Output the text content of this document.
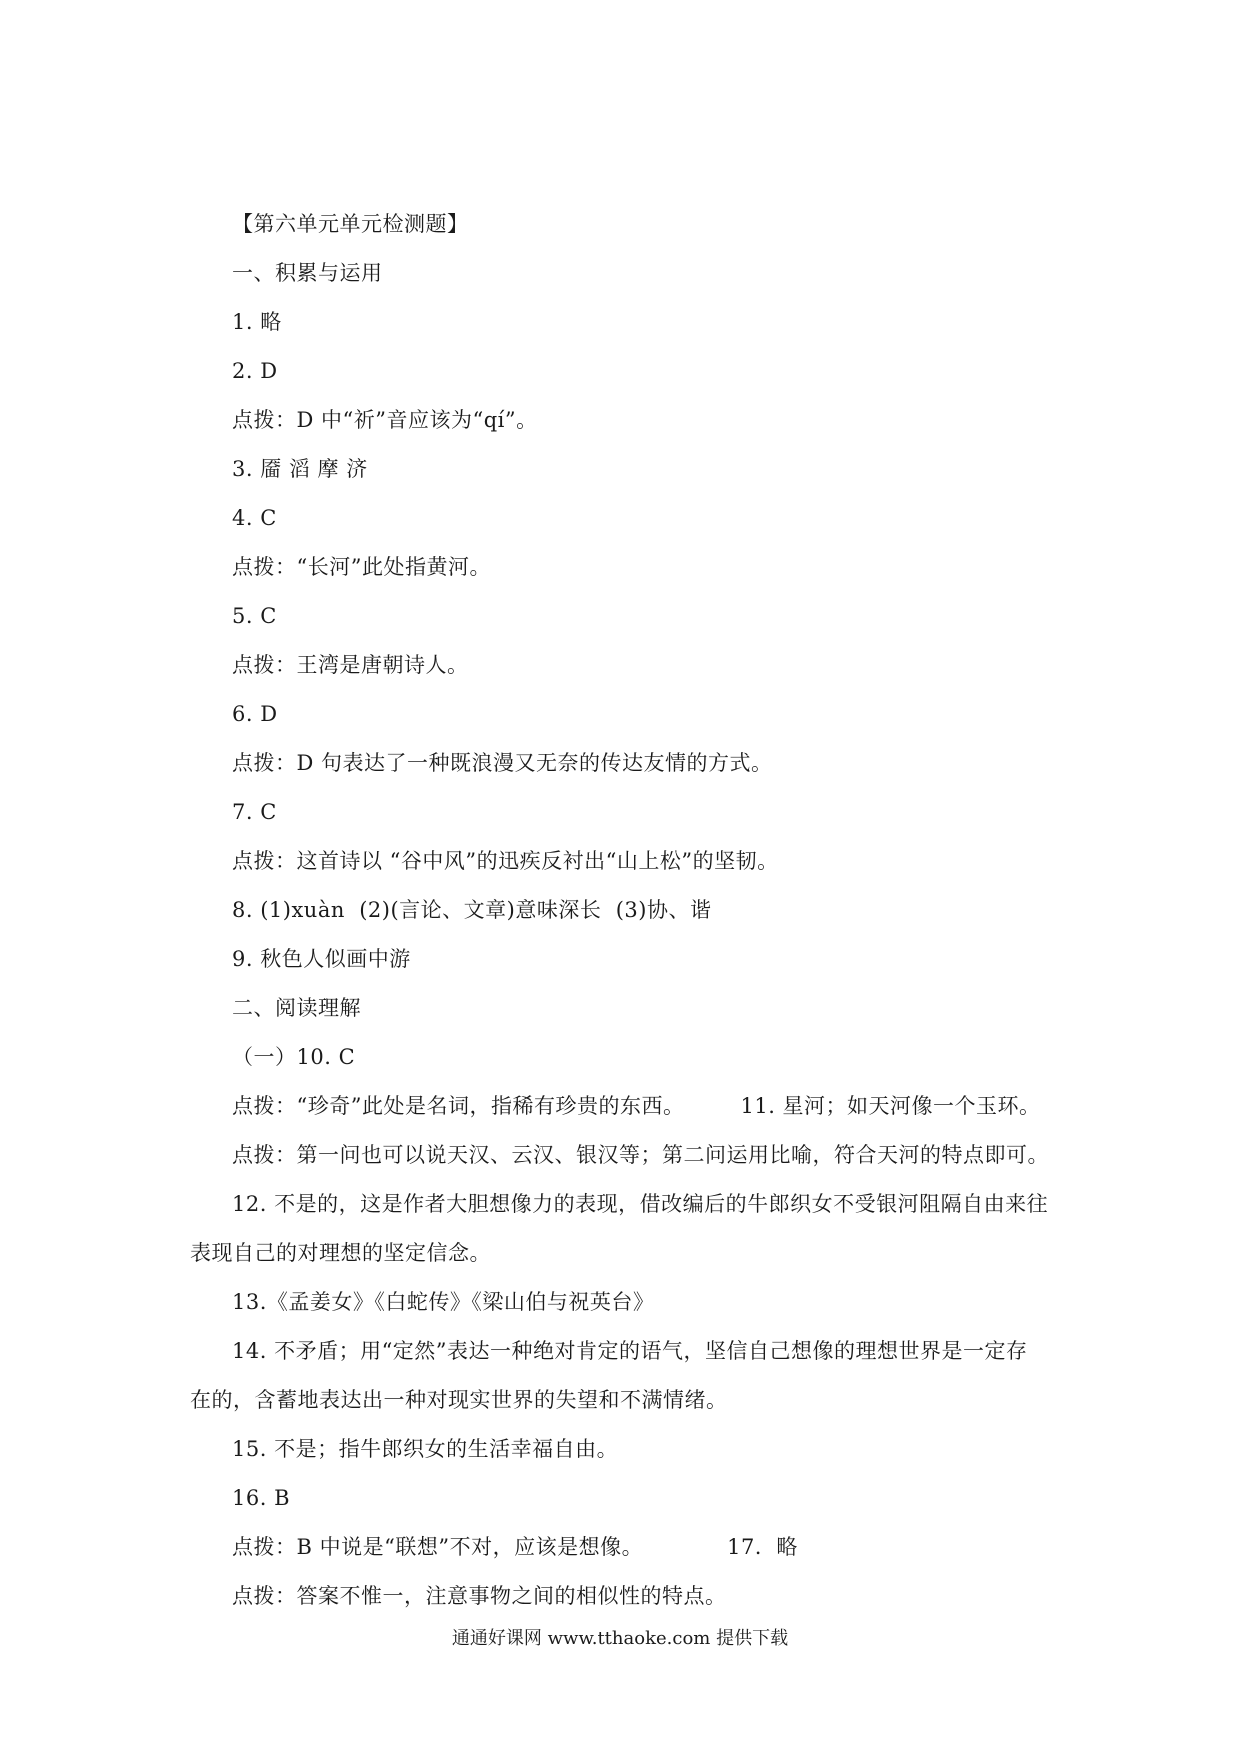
【第六单元单元检测题】
一、积累与运用
1. 略
2. D
点拨：D 中“祈”音应该为“qí”。
3. 靥 滔 摩 济
4. C
点拨：“长河”此处指黄河。
5. C
点拨：王湾是唐朝诗人。
6. D
点拨：D 句表达了一种既浪漫又无奈的传达友情的方式。
7. C
点拨：这首诗以 “谷中风”的迅疾反衬出“山上松”的坚韧。
8. (1)xuàn  (2)(言论、文章)意味深长  (3)协、谐
9. 秋色人似画中游
二、阅读理解
（一）10. C
点拨：“珍奇”此处是名词，指稀有珍贵的东西。	11. 星河；如天河像一个玉环。
点拨：第一问也可以说天汉、云汉、银汉等；第二问运用比喻，符合天河的特点即可。
12. 不是的，这是作者大胆想像力的表现，借改编后的牛郎织女不受银河阻隔自由来往
表现自己的对理想的坚定信念。
13.《孟姜女》《白蛇传》《梁山伯与祝英台》
14. 不矛盾；用“定然”表达一种绝对肯定的语气，坚信自己想像的理想世界是一定存
在的，含蓄地表达出一种对现实世界的失望和不满情绪。
15. 不是；指牛郎织女的生活幸福自由。
16. B
点拨：B 中说是“联想”不对，应该是想像。	17.  略
点拨：答案不惟一，注意事物之间的相似性的特点。
通通好课网 www.tthaoke.com 提供下载
